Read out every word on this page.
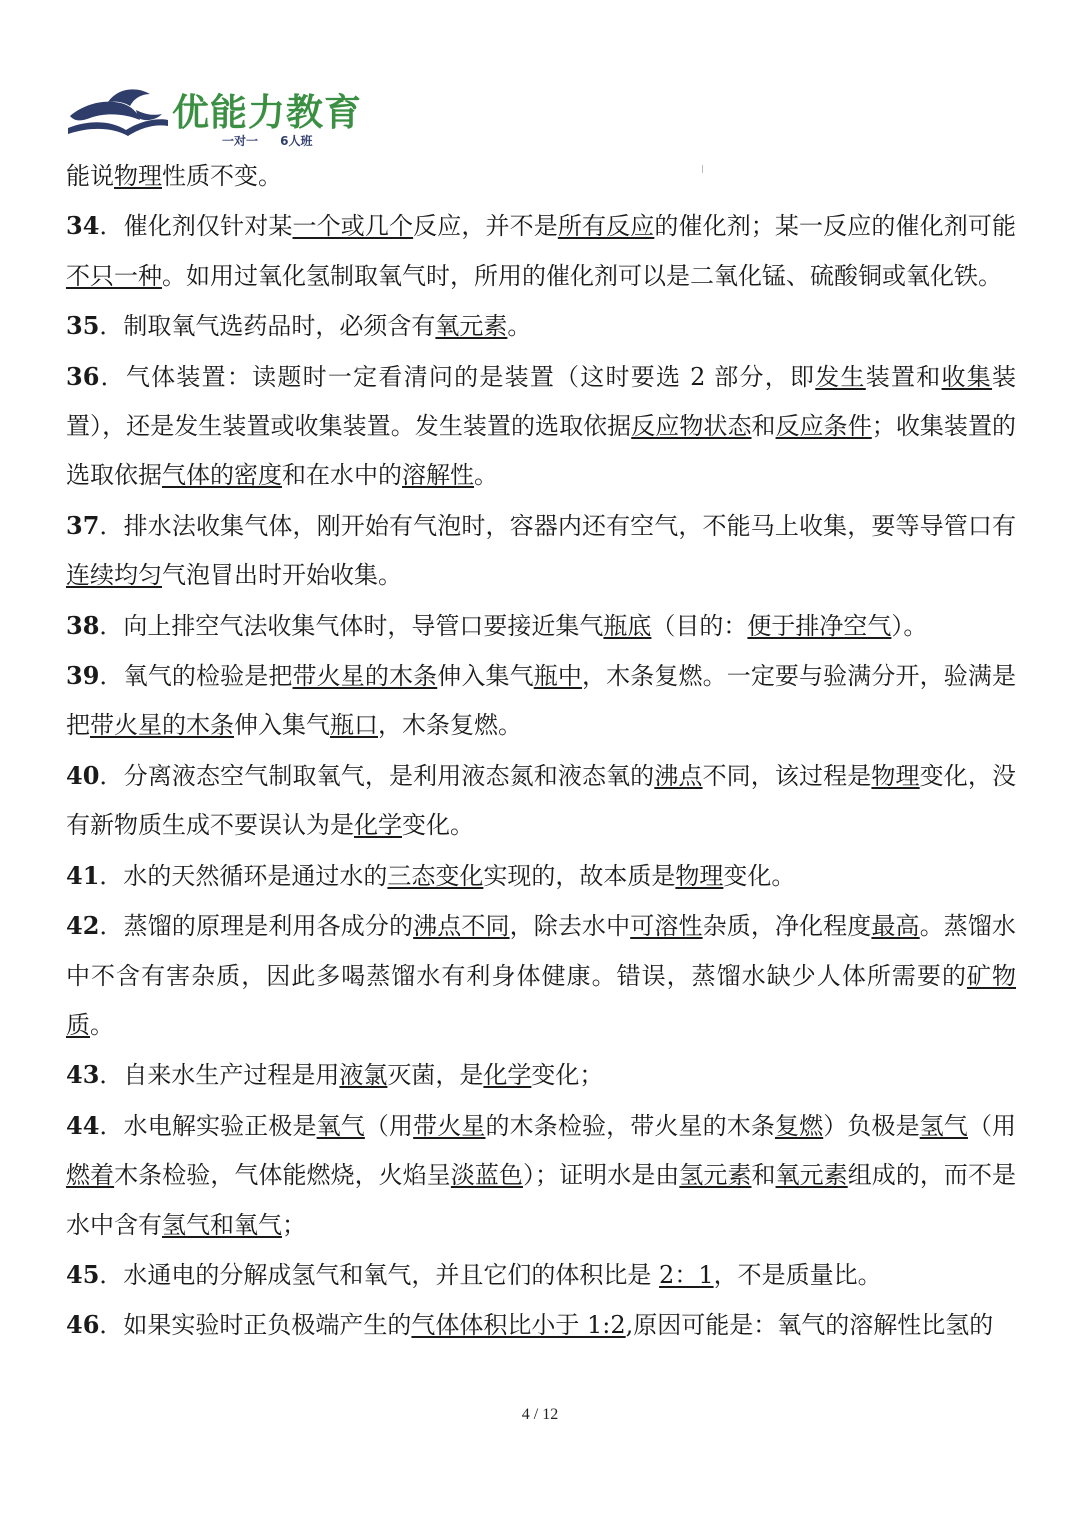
优能力教育
一对一 6人班

能说物理性质不变。

34．催化剂仅针对某一个或几个反应，并不是所有反应的催化剂；某一反应的催化剂可能不只一种。如用过氧化氢制取氧气时，所用的催化剂可以是二氧化锰、硫酸铜或氧化铁。

35．制取氧气选药品时，必须含有氧元素。

36．气体装置：读题时一定看清问的是装置（这时要选 2 部分，即发生装置和收集装置），还是发生装置或收集装置。发生装置的选取依据反应物状态和反应条件；收集装置的选取依据气体的密度和在水中的溶解性。

37．排水法收集气体，刚开始有气泡时，容器内还有空气，不能马上收集，要等导管口有连续均匀气泡冒出时开始收集。

38．向上排空气法收集气体时，导管口要接近集气瓶底（目的：便于排净空气）。

39．氧气的检验是把带火星的木条伸入集气瓶中，木条复燃。一定要与验满分开，验满是把带火星的木条伸入集气瓶口，木条复燃。

40．分离液态空气制取氧气，是利用液态氮和液态氧的沸点不同，该过程是物理变化，没有新物质生成不要误认为是化学变化。

41．水的天然循环是通过水的三态变化实现的，故本质是物理变化。

42．蒸馏的原理是利用各成分的沸点不同，除去水中可溶性杂质，净化程度最高。蒸馏水中不含有害杂质，因此多喝蒸馏水有利身体健康。错误，蒸馏水缺少人体所需要的矿物质。

43．自来水生产过程是用液氯灭菌，是化学变化；

44．水电解实验正极是氧气（用带火星的木条检验，带火星的木条复燃）负极是氢气（用燃着木条检验，气体能燃烧，火焰呈淡蓝色）；证明水是由氢元素和氧元素组成的，而不是水中含有氢气和氧气；

45．水通电的分解成氢气和氧气，并且它们的体积比是 2：1，不是质量比。

46．如果实验时正负极端产生的气体体积比小于 1:2,原因可能是：氧气的溶解性比氢的

4 / 12
